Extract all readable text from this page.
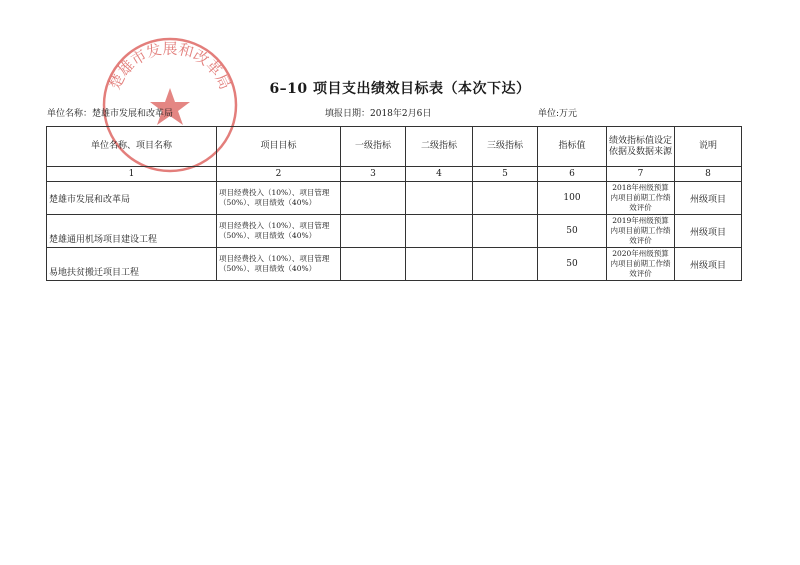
楚雄市发展和改革局	6–10 项目支出绩效目标表（本次下达）
单位名称：楚雄市发展和改革局	填报日期：2018年2月6日	单位:万元
单位名称、项目名称	项目目标	一级指标	二级指标	三级指标	指标值	绩效指标值设定依据及数据来源	说明
1	2	3	4	5	6	7	8
楚雄市发展和改革局	项目经费投入（10%）、项目管理（50%）、项目绩效（40%）				100	2018年州级预算内项目前期工作绩效评价	州级项目
楚雄通用机场项目建设工程	项目经费投入（10%）、项目管理（50%）、项目绩效（40%）				50	2019年州级预算内项目前期工作绩效评价	州级项目
易地扶贫搬迁项目工程	项目经费投入（10%）、项目管理（50%）、项目绩效（40%）				50	2020年州级预算内项目前期工作绩效评价	州级项目
